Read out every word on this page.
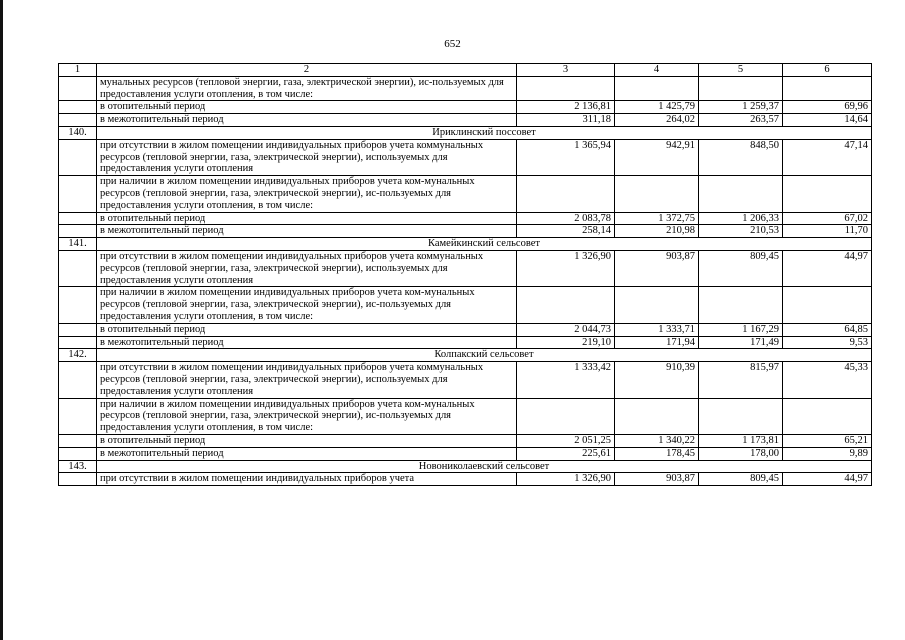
652
1	2	3	4	5	6
	мунальных ресурсов (тепловой энергии, газа, электрической энергии), ис-пользуемых для предоставления услуги отопления, в том числе:				
	в отопительный период	2 136,81	1 425,79	1 259,37	69,96
	в межотопительный период	311,18	264,02	263,57	14,64
140.	Ириклинский поссовет				
	при отсутствии в жилом помещении индивидуальных приборов учета коммунальных ресурсов (тепловой энергии, газа, электрической энергии), используемых для предоставления услуги отопления	1 365,94	942,91	848,50	47,14
	при наличии в жилом помещении индивидуальных приборов учета ком-мунальных ресурсов (тепловой энергии, газа, электрической энергии), ис-пользуемых для предоставления услуги отопления, в том числе:				
	в отопительный период	2 083,78	1 372,75	1 206,33	67,02
	в межотопительный период	258,14	210,98	210,53	11,70
141.	Камейкинский сельсовет				
	при отсутствии в жилом помещении индивидуальных приборов учета коммунальных ресурсов (тепловой энергии, газа, электрической энергии), используемых для предоставления услуги отопления	1 326,90	903,87	809,45	44,97
	при наличии в жилом помещении индивидуальных приборов учета ком-мунальных ресурсов (тепловой энергии, газа, электрической энергии), ис-пользуемых для предоставления услуги отопления, в том числе:				
	в отопительный период	2 044,73	1 333,71	1 167,29	64,85
	в межотопительный период	219,10	171,94	171,49	9,53
142.	Колпакский сельсовет				
	при отсутствии в жилом помещении индивидуальных приборов учета коммунальных ресурсов (тепловой энергии, газа, электрической энергии), используемых для предоставления услуги отопления	1 333,42	910,39	815,97	45,33
	при наличии в жилом помещении индивидуальных приборов учета ком-мунальных ресурсов (тепловой энергии, газа, электрической энергии), ис-пользуемых для предоставления услуги отопления, в том числе:				
	в отопительный период	2 051,25	1 340,22	1 173,81	65,21
	в межотопительный период	225,61	178,45	178,00	9,89
143.	Новониколаевский сельсовет				
	при отсутствии в жилом помещении индивидуальных приборов учета	1 326,90	903,87	809,45	44,97
